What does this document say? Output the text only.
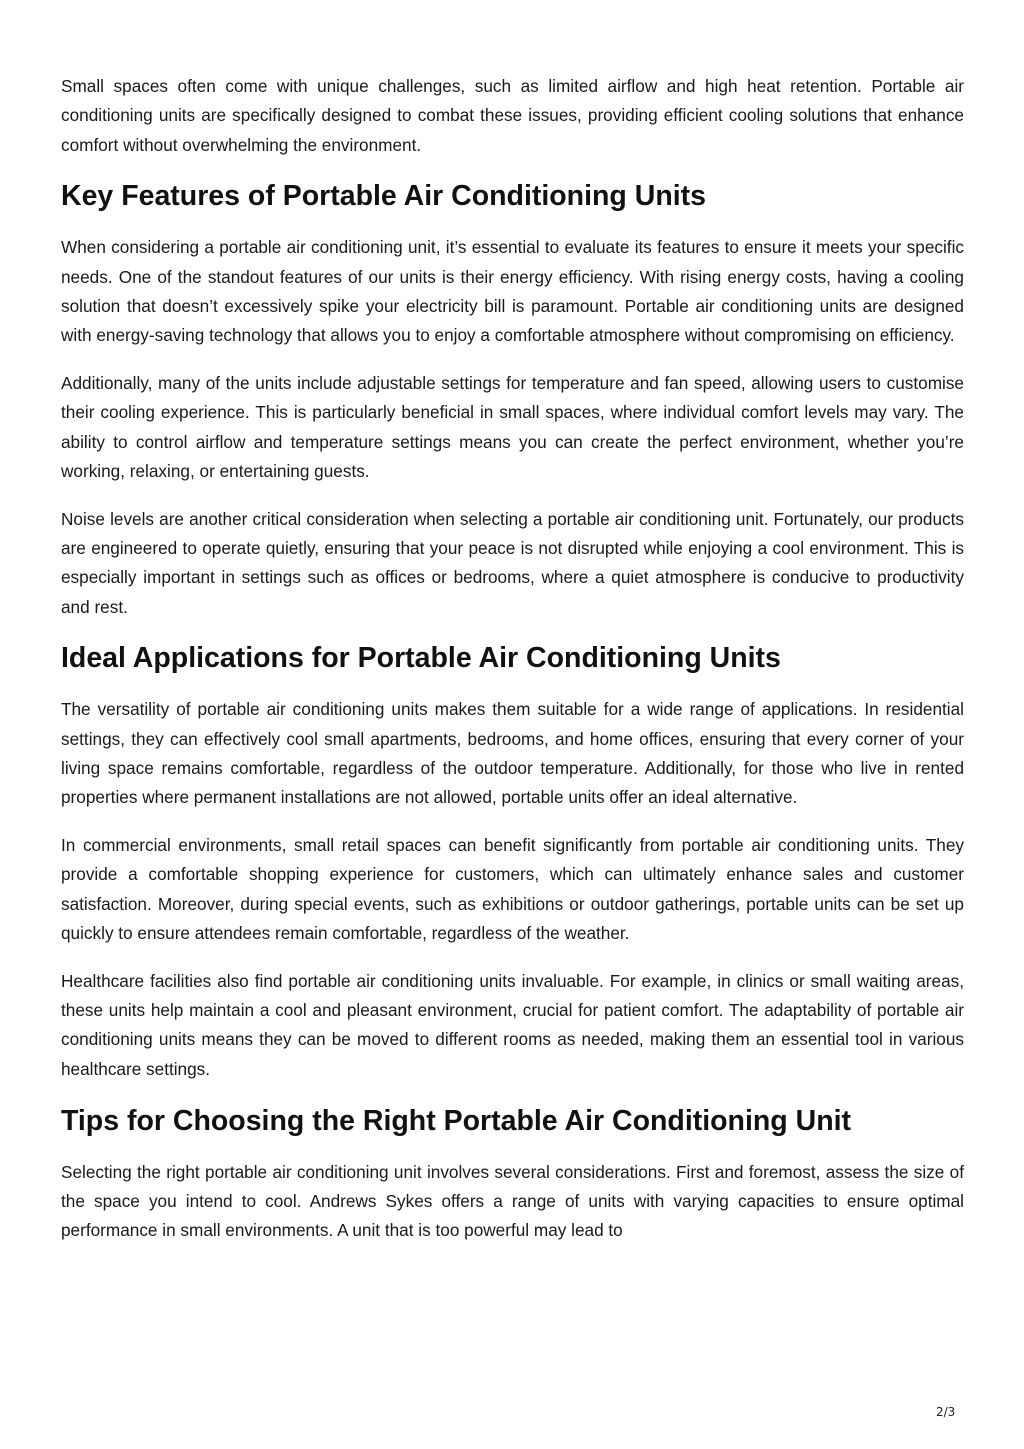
Small spaces often come with unique challenges, such as limited airflow and high heat retention. Portable air conditioning units are specifically designed to combat these issues, providing efficient cooling solutions that enhance comfort without overwhelming the environment.

Key Features of Portable Air Conditioning Units

When considering a portable air conditioning unit, it’s essential to evaluate its features to ensure it meets your specific needs. One of the standout features of our units is their energy efficiency. With rising energy costs, having a cooling solution that doesn’t excessively spike your electricity bill is paramount. Portable air conditioning units are designed with energy-saving technology that allows you to enjoy a comfortable atmosphere without compromising on efficiency.

Additionally, many of the units include adjustable settings for temperature and fan speed, allowing users to customise their cooling experience. This is particularly beneficial in small spaces, where individual comfort levels may vary. The ability to control airflow and temperature settings means you can create the perfect environment, whether you’re working, relaxing, or entertaining guests.

Noise levels are another critical consideration when selecting a portable air conditioning unit. Fortunately, our products are engineered to operate quietly, ensuring that your peace is not disrupted while enjoying a cool environment. This is especially important in settings such as offices or bedrooms, where a quiet atmosphere is conducive to productivity and rest.

Ideal Applications for Portable Air Conditioning Units

The versatility of portable air conditioning units makes them suitable for a wide range of applications. In residential settings, they can effectively cool small apartments, bedrooms, and home offices, ensuring that every corner of your living space remains comfortable, regardless of the outdoor temperature. Additionally, for those who live in rented properties where permanent installations are not allowed, portable units offer an ideal alternative.

In commercial environments, small retail spaces can benefit significantly from portable air conditioning units. They provide a comfortable shopping experience for customers, which can ultimately enhance sales and customer satisfaction. Moreover, during special events, such as exhibitions or outdoor gatherings, portable units can be set up quickly to ensure attendees remain comfortable, regardless of the weather.

Healthcare facilities also find portable air conditioning units invaluable. For example, in clinics or small waiting areas, these units help maintain a cool and pleasant environment, crucial for patient comfort. The adaptability of portable air conditioning units means they can be moved to different rooms as needed, making them an essential tool in various healthcare settings.

Tips for Choosing the Right Portable Air Conditioning Unit

Selecting the right portable air conditioning unit involves several considerations. First and foremost, assess the size of the space you intend to cool. Andrews Sykes offers a range of units with varying capacities to ensure optimal performance in small environments. A unit that is too powerful may lead to

2/3
